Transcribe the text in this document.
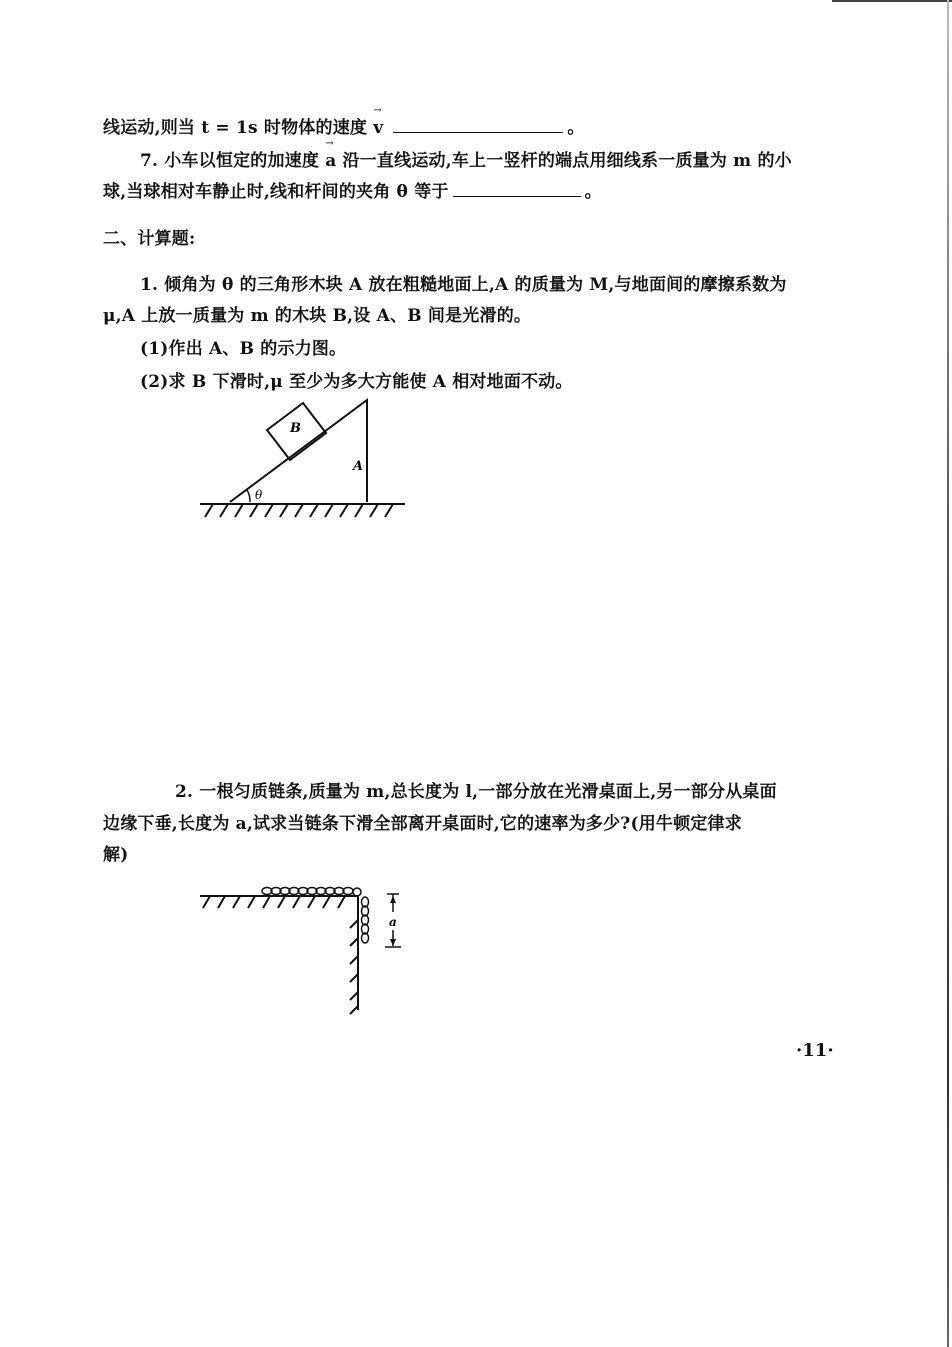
线运动,则当 t = 1s 时物体的速度 → v	。
7. 小车以恒定的加速度 → a 沿一直线运动,车上一竖杆的端点用细线系一质量为 m 的小
球,当球相对车静止时,线和杆间的夹角 θ 等于	。
二、计算题:
1. 倾角为 θ 的三角形木块 A 放在粗糙地面上,A 的质量为 M,与地面间的摩擦系数为
μ,A 上放一质量为 m 的木块 B,设 A、B 间是光滑的。
(1)作出 A、B 的示力图。
(2)求 B 下滑时,μ 至少为多大方能使 A 相对地面不动。
B
A
θ
2. 一根匀质链条,质量为 m,总长度为 l,一部分放在光滑桌面上,另一部分从桌面
边缘下垂,长度为 a,试求当链条下滑全部离开桌面时,它的速率为多少?(用牛顿定律求
解)
a
·11·
